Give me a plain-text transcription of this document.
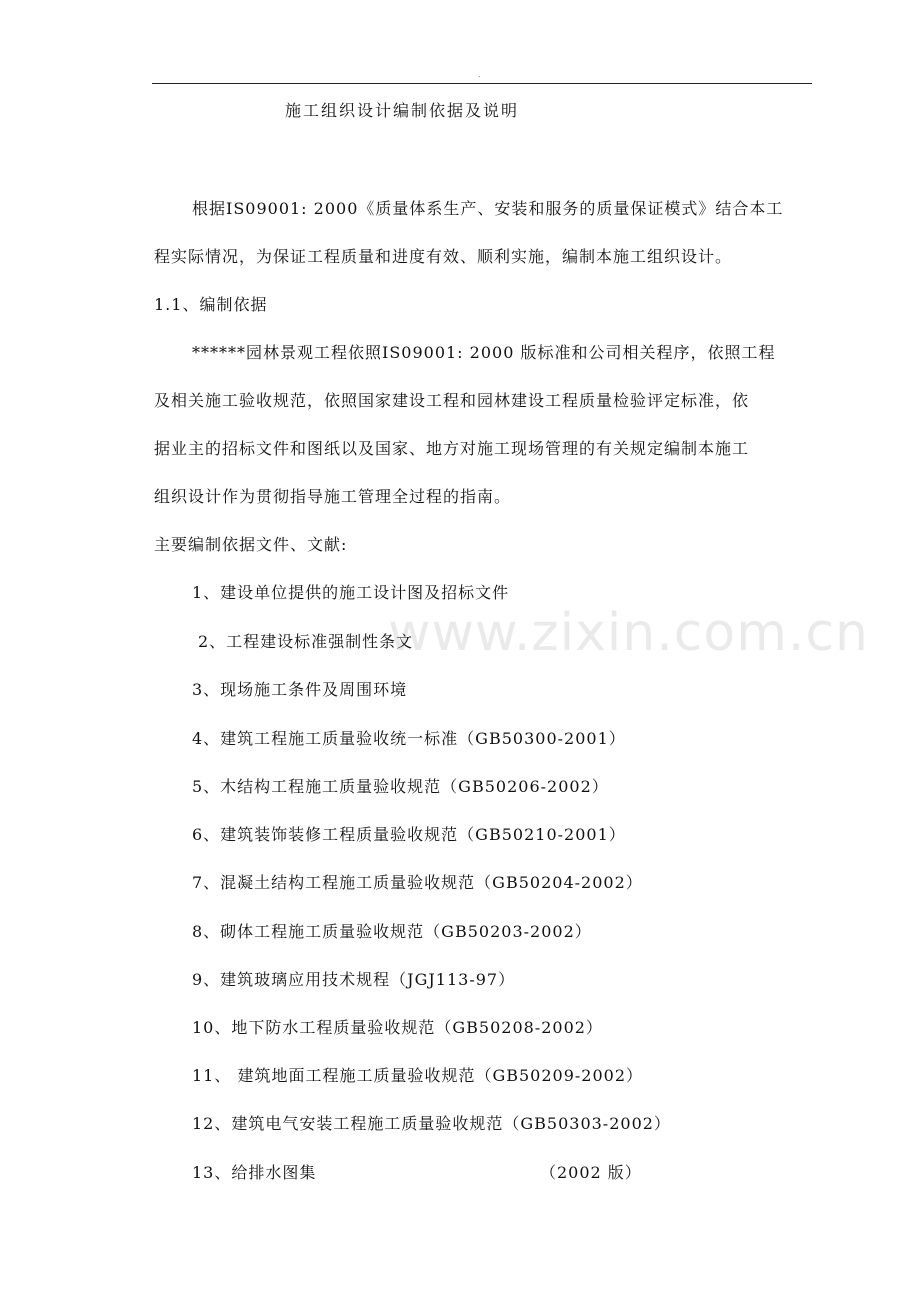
.
施工组织设计编制依据及说明
根据IS09001: 2000《质量体系生产、安装和服务的质量保证模式》结合本工
程实际情况，为保证工程质量和进度有效、顺利实施，编制本施工组织设计。
1.1、编制依据
******园林景观工程依照IS09001: 2000 版标准和公司相关程序，依照工程
及相关施工验收规范，依照国家建设工程和园林建设工程质量检验评定标准，依
据业主的招标文件和图纸以及国家、地方对施工现场管理的有关规定编制本施工
组织设计作为贯彻指导施工管理全过程的指南。
主要编制依据文件、文献:
www.zixin.com.cn
1、建设单位提供的施工设计图及招标文件
2、工程建设标准强制性条文
3、现场施工条件及周围环境
4、建筑工程施工质量验收统一标准（GB50300-2001）
5、木结构工程施工质量验收规范（GB50206-2002）
6、建筑装饰装修工程质量验收规范（GB50210-2001）
7、混凝土结构工程施工质量验收规范（GB50204-2002）
8、砌体工程施工质量验收规范（GB50203-2002）
9、建筑玻璃应用技术规程（JGJ113-97）
10、地下防水工程质量验收规范（GB50208-2002）
11、 建筑地面工程施工质量验收规范（GB50209-2002）
12、建筑电气安装工程施工质量验收规范（GB50303-2002）
13、给排水图集	（2002 版）
